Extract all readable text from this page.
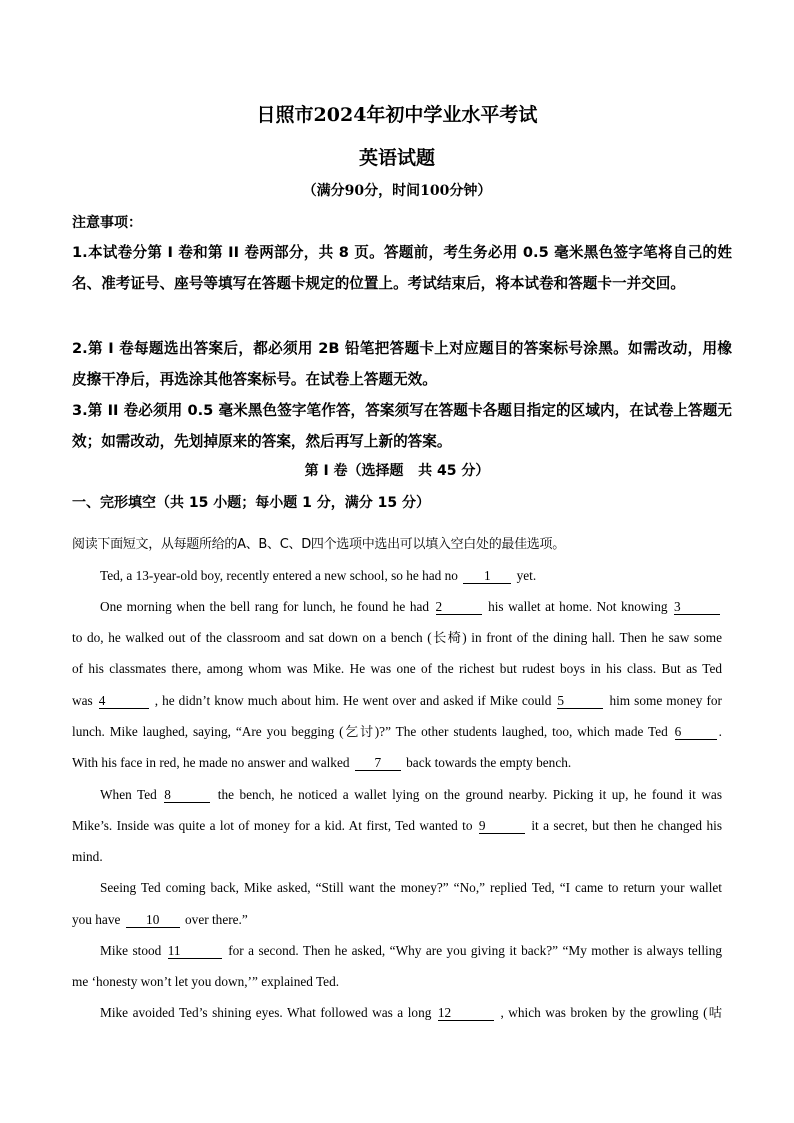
日照市2024年初中学业水平考试
英语试题
（满分90分，时间100分钟）
注意事项：
1.本试卷分第 I 卷和第 II 卷两部分，共 8 页。答题前，考生务必用 0.5 毫米黑色签字笔将自己的姓名、准考证号、座号等填写在答题卡规定的位置上。考试结束后，将本试卷和答题卡一并交回。
2.第 I 卷每题选出答案后，都必须用 2B 铅笔把答题卡上对应题目的答案标号涂黑。如需改动，用橡皮擦干净后，再选涂其他答案标号。在试卷上答题无效。
3.第 II 卷必须用 0.5 毫米黑色签字笔作答，答案须写在答题卡各题目指定的区域内，在试卷上答题无效；如需改动，先划掉原来的答案，然后再写上新的答案。
第 I 卷（选择题   共 45 分）
一、完形填空（共 15 小题；每小题 1 分，满分 15 分）
阅读下面短文，从每题所给的A、B、C、D四个选项中选出可以填入空白处的最佳选项。
Ted, a 13-year-old boy, recently entered a new school, so he had no 1 yet.
One morning when the bell rang for lunch, he found he had 2	his wallet at home. Not knowing 3
to do, he walked out of the classroom and sat down on a bench (长椅) in front of the dining hall. Then he saw some
of his classmates there, among whom was Mike. He was one of the richest but rudest boys in his class. But as Ted
was 4	, he didn’t know much about him. He went over and asked if Mike could 5	him some money for
lunch. Mike laughed, saying, “Are you begging (乞讨)?” The other students laughed, too, which made Ted 6	.
With his face in red, he made no answer and walked 7 back towards the empty bench.
When Ted 8	the bench, he noticed a wallet lying on the ground nearby. Picking it up, he found it was
Mike’s. Inside was quite a lot of money for a kid. At first, Ted wanted to 9	it a secret, but then he changed his
mind.
Seeing Ted coming back, Mike asked, “Still want the money?” “No,” replied Ted, “I came to return your wallet
you have 10 over there.”
Mike stood 11	for a second. Then he asked, “Why are you giving it back?” “My mother is always telling
me ‘honesty won’t let you down,’” explained Ted.
Mike avoided Ted’s shining eyes. What followed was a long 12	, which was broken by the growling (咕
